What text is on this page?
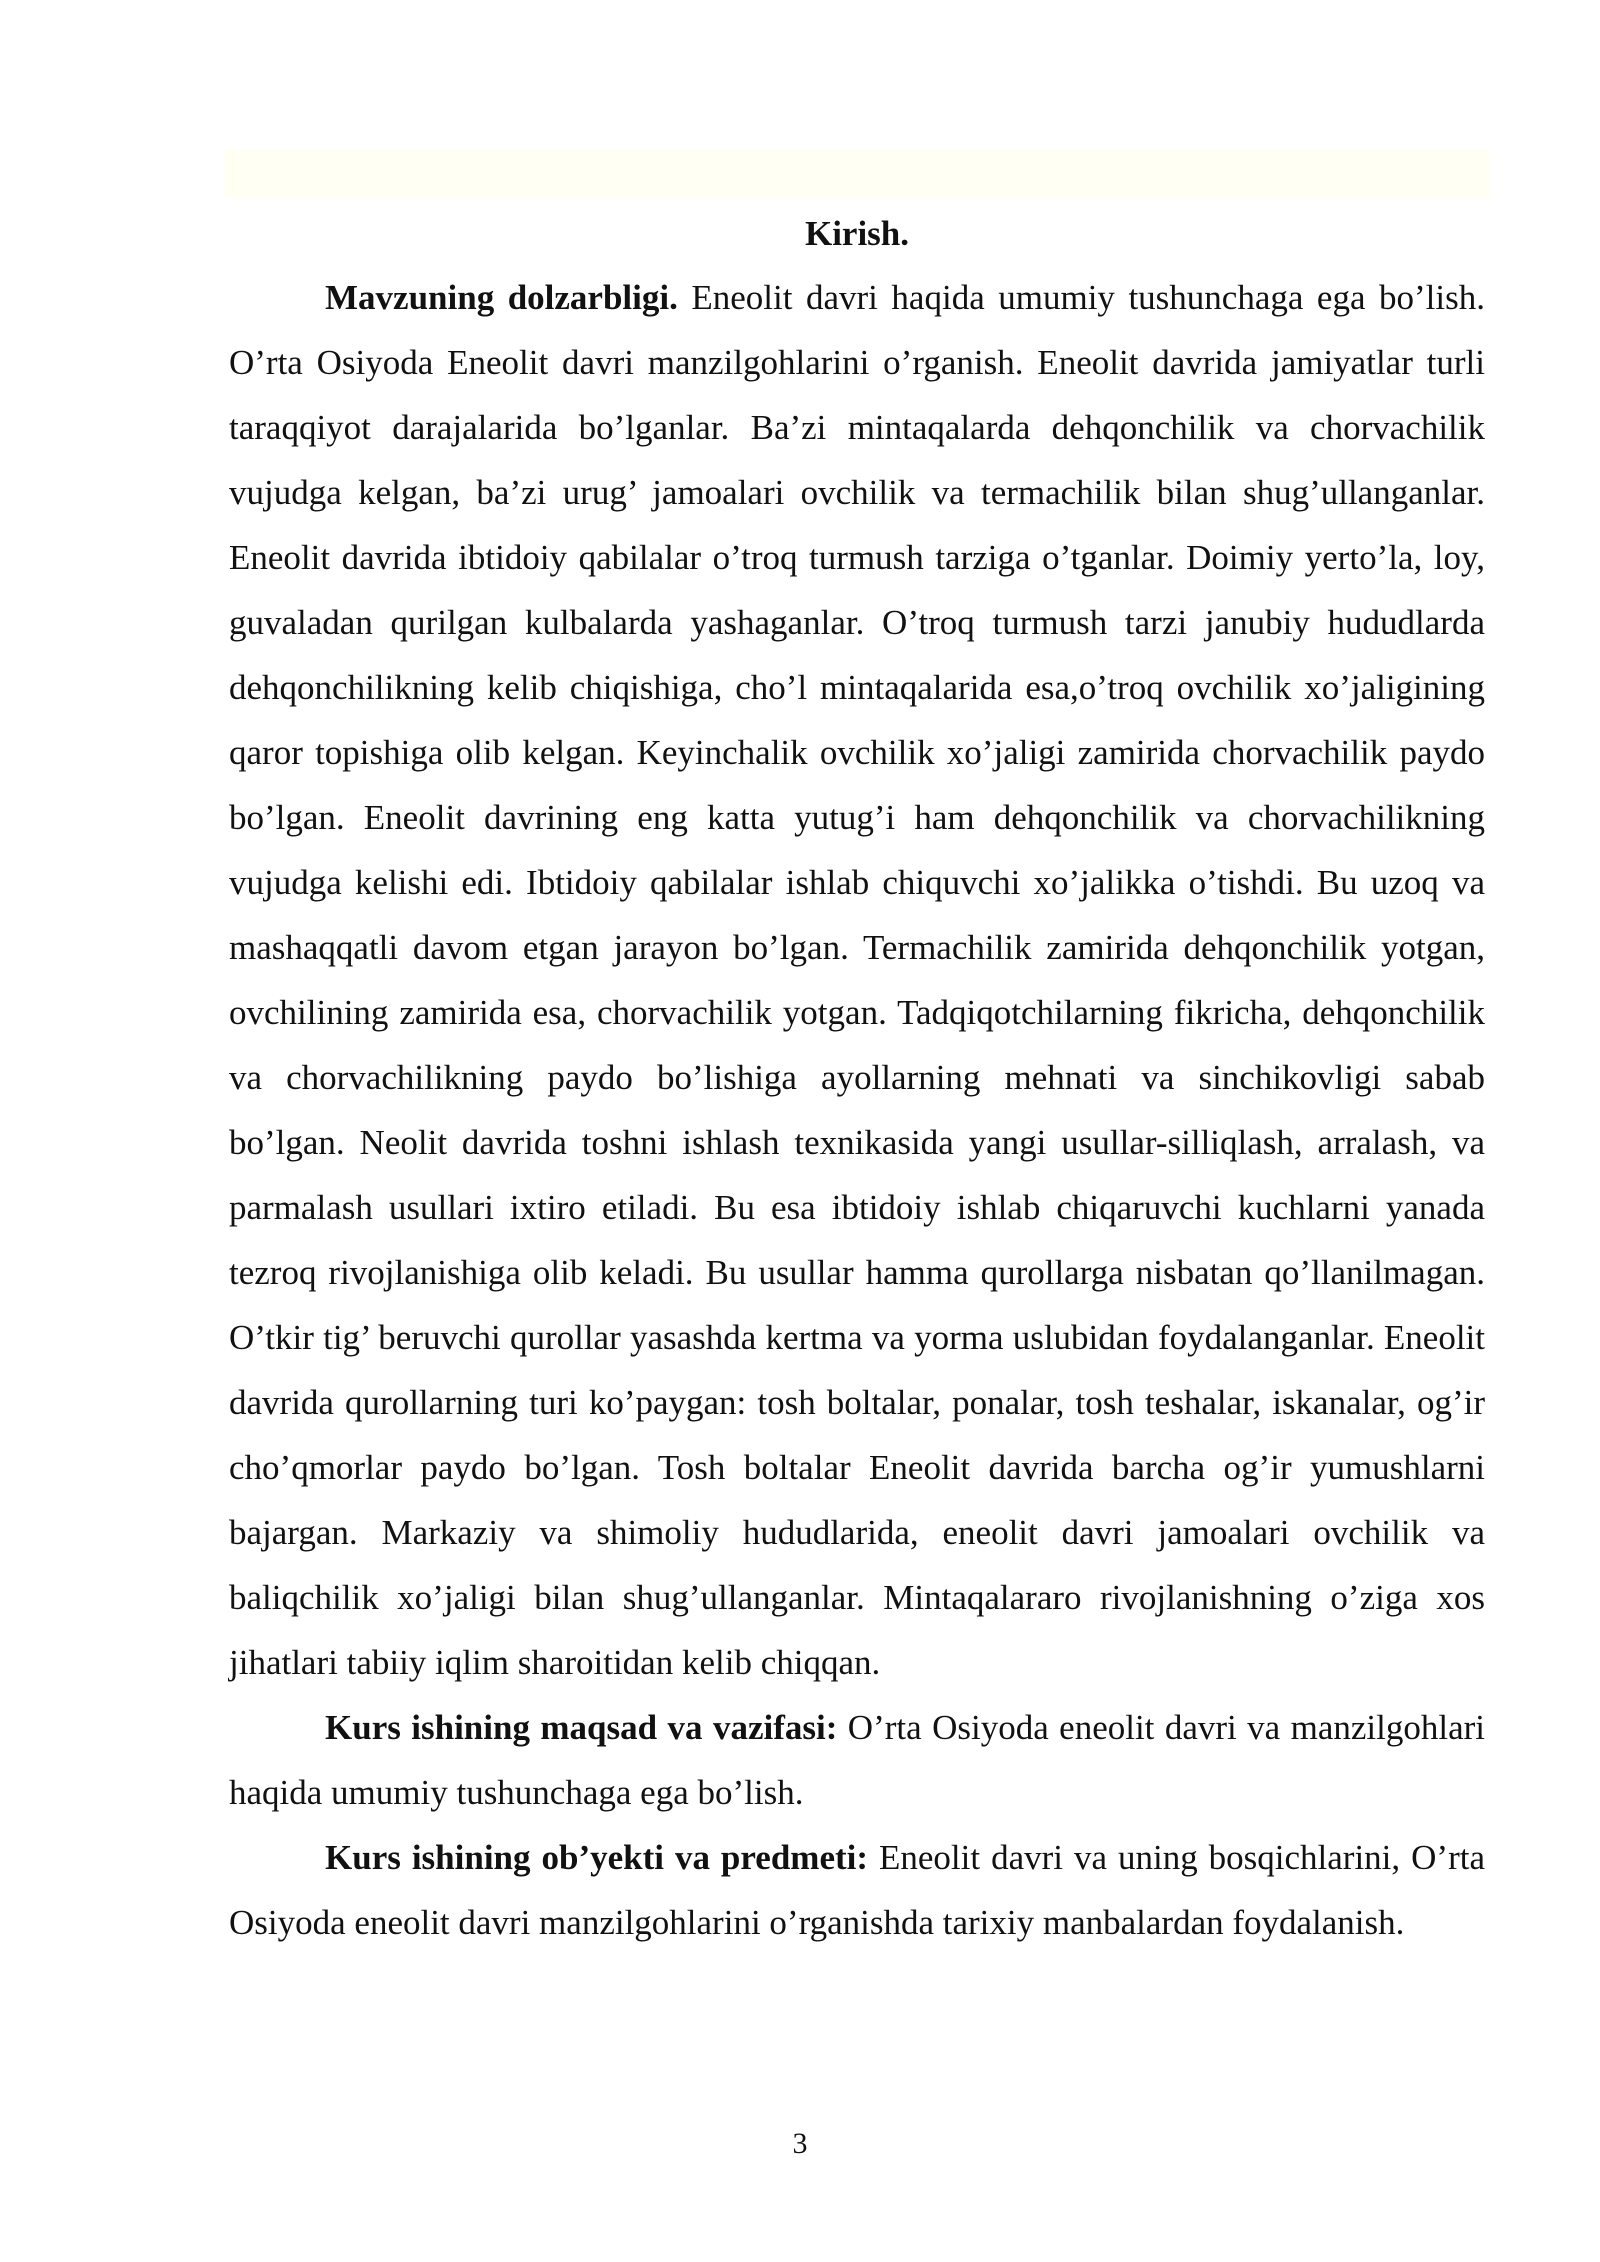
Kirish.

Mavzuning dolzarbligi. Eneolit davri haqida umumiy tushunchaga ega bo’lish. O’rta Osiyoda Eneolit davri manzilgohlarini o’rganish. Eneolit davrida jamiyatlar turli taraqqiyot darajalarida bo’lganlar. Ba’zi mintaqalarda dehqonchilik va chorvachilik vujudga kelgan, ba’zi urug’ jamoalari ovchilik va termachilik bilan shug’ullanganlar. Eneolit davrida ibtidoiy qabilalar o’troq turmush tarziga o’tganlar. Doimiy yerto’la, loy, guvaladan qurilgan kulbalarda yashaganlar. O’troq turmush tarzi janubiy hududlarda dehqonchilikning kelib chiqishiga, cho’l mintaqalarida esa,o’troq ovchilik xo’jaligining qaror topishiga olib kelgan. Keyinchalik ovchilik xo’jaligi zamirida chorvachilik paydo bo’lgan. Eneolit davrining eng katta yutug’i ham dehqonchilik va chorvachilikning vujudga kelishi edi. Ibtidoiy qabilalar ishlab chiquvchi xo’jalikka o’tishdi. Bu uzoq va mashaqqatli davom etgan jarayon bo’lgan. Termachilik zamirida dehqonchilik yotgan, ovchilining zamirida esa, chorvachilik yotgan. Tadqiqotchilarning fikricha, dehqonchilik va chorvachilikning paydo bo’lishiga ayollarning mehnati va sinchikovligi sabab bo’lgan. Neolit davrida toshni ishlash texnikasida yangi usullar-silliqlash, arralash, va parmalash usullari ixtiro etiladi. Bu esa ibtidoiy ishlab chiqaruvchi kuchlarni yanada tezroq rivojlanishiga olib keladi. Bu usullar hamma qurollarga nisbatan qo’llanilmagan. O’tkir tig’ beruvchi qurollar yasashda kertma va yorma uslubidan foydalanganlar. Eneolit davrida qurollarning turi ko’paygan: tosh boltalar, ponalar, tosh teshalar, iskanalar, og’ir cho’qmorlar paydo bo’lgan. Tosh boltalar Eneolit davrida barcha og’ir yumushlarni bajargan. Markaziy va shimoliy hududlarida, eneolit davri jamoalari ovchilik va baliqchilik xo’jaligi bilan shug’ullanganlar. Mintaqalararo rivojlanishning o’ziga xos jihatlari tabiiy iqlim sharoitidan kelib chiqqan.

Kurs ishining maqsad va vazifasi: O’rta Osiyoda eneolit davri va manzilgohlari haqida umumiy tushunchaga ega bo’lish.

Kurs ishining ob’yekti va predmeti: Eneolit davri va uning bosqichlarini, O’rta Osiyoda eneolit davri manzilgohlarini o’rganishda tarixiy manbalardan foydalanish.

3
